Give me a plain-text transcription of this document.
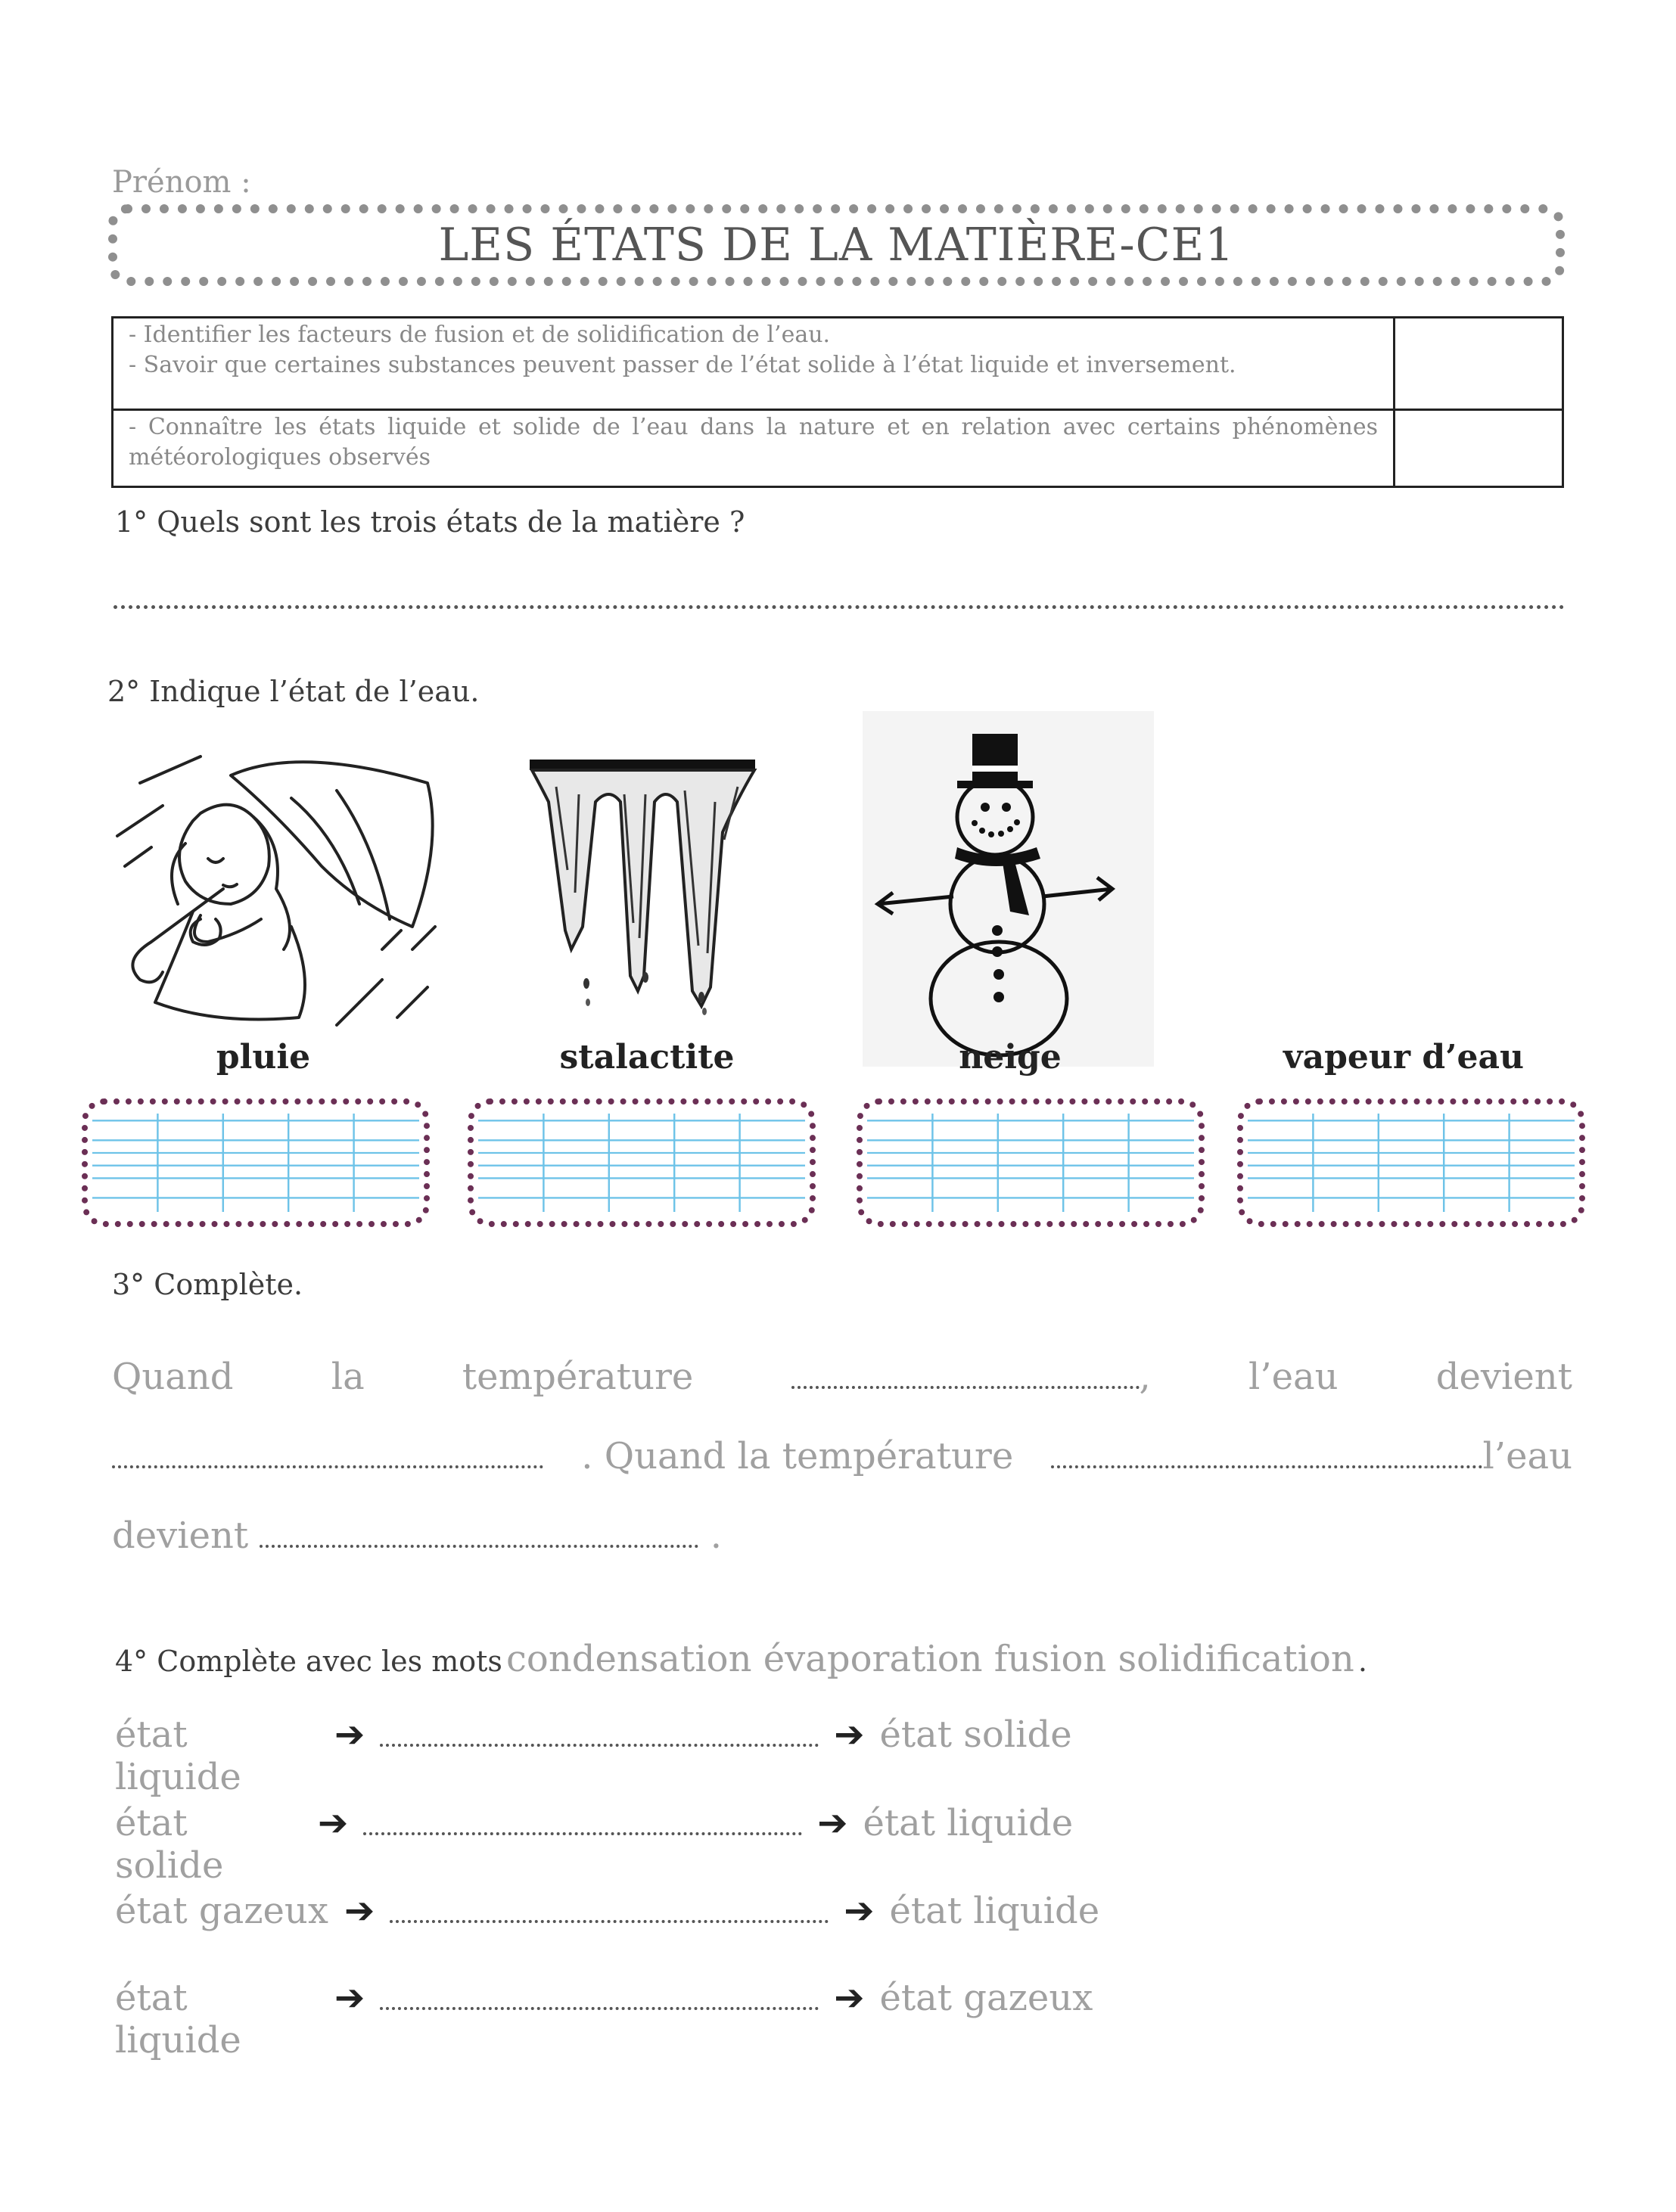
Prénom :
LES ÉTATS DE LA MATIÈRE-CE1
- Identifier les facteurs de fusion et de solidification de l’eau.
- Savoir que certaines substances peuvent passer de l’état solide à l’état liquide et inversement.	

- Connaître les états liquide et solide de l’eau dans la nature et en relation avec certains phénomènes météorologiques observés	

1° Quels sont les trois états de la matière ?
2° Indique l’état de l’eau.
pluie	stalactite	neige	vapeur d’eau
3° Complète.
Quand	la	température	,	l’eau	devient
. Quand la température	l’eau
devient	.
4° Complète avec les mots condensation évaporation fusion solidification .
état liquide
➔	➔ état solide
état solide
➔	➔ état liquide
état gazeux ➔	➔ état liquide
état liquide
➔	➔ état gazeux
